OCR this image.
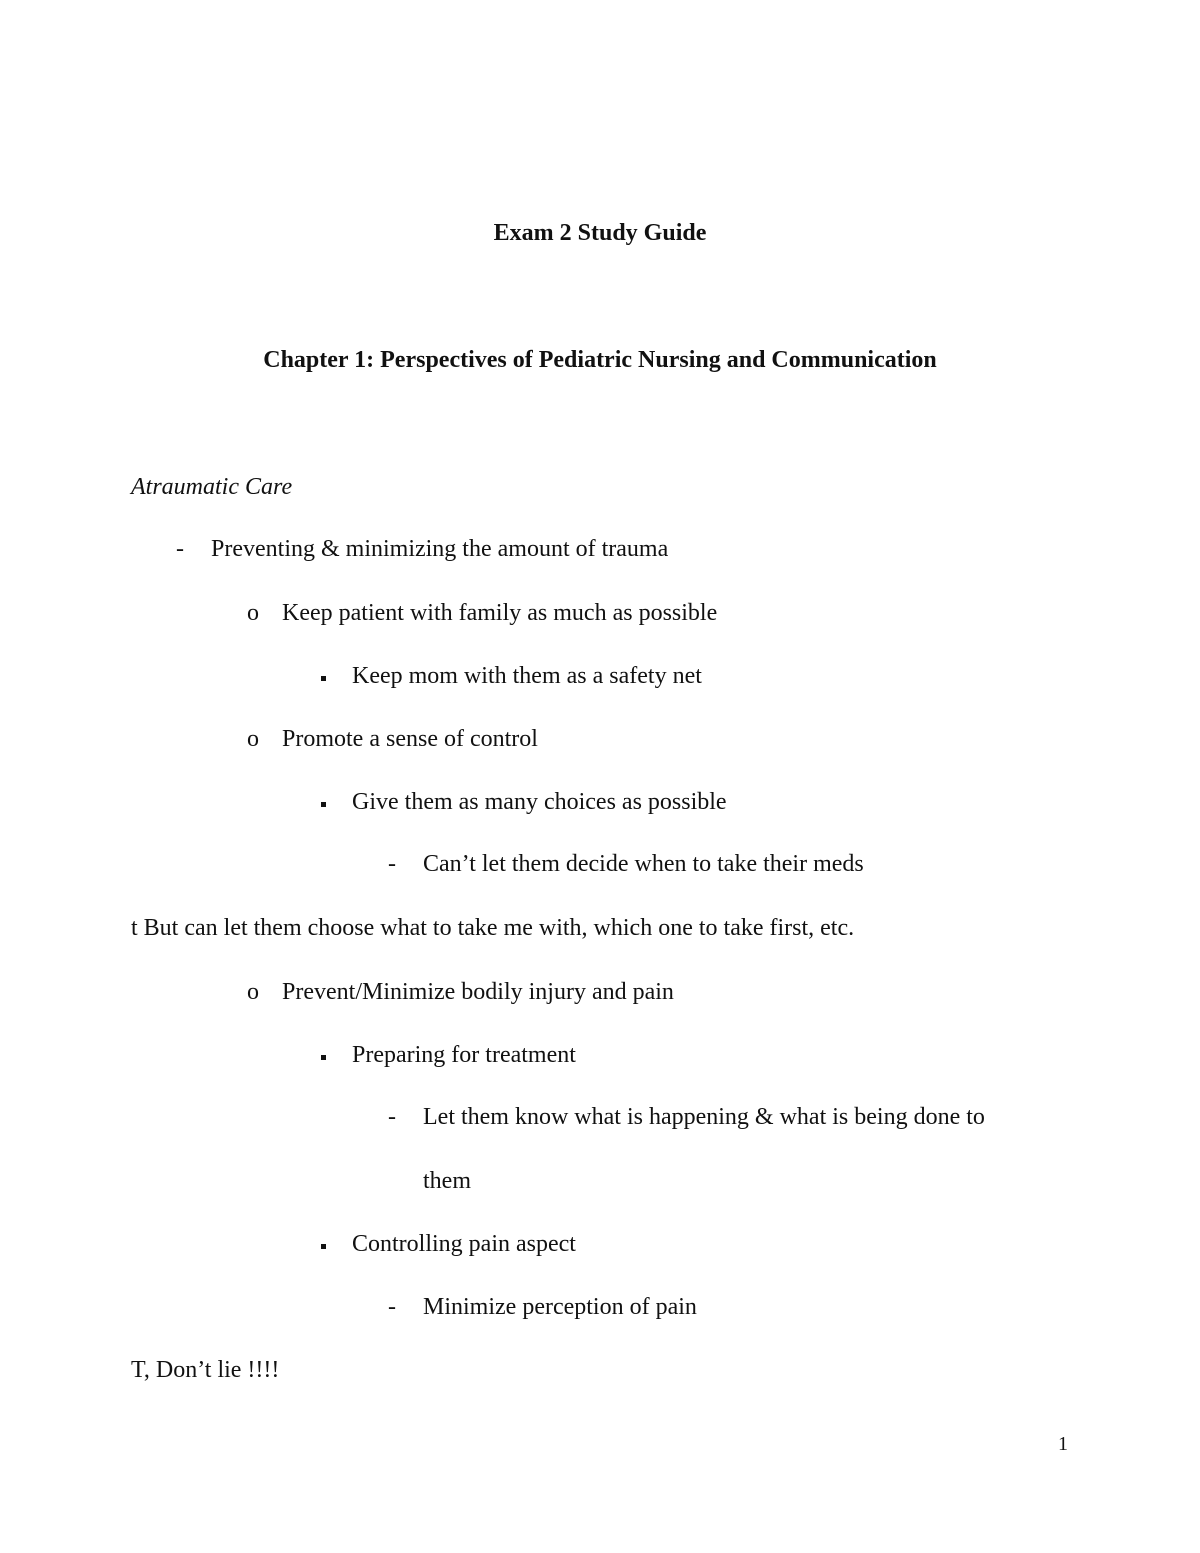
Exam 2 Study Guide
Chapter 1: Perspectives of Pediatric Nursing and Communication
Atraumatic Care
- Preventing & minimizing the amount of trauma
o Keep patient with family as much as possible
Keep mom with them as a safety net
o Promote a sense of control
Give them as many choices as possible
- Can’t let them decide when to take their meds
t But can let them choose what to take me with, which one to take first, etc.
o Prevent/Minimize bodily injury and pain
Preparing for treatment
- Let them know what is happening & what is being done to
them
Controlling pain aspect
- Minimize perception of pain
T, Don’t lie !!!!
1
